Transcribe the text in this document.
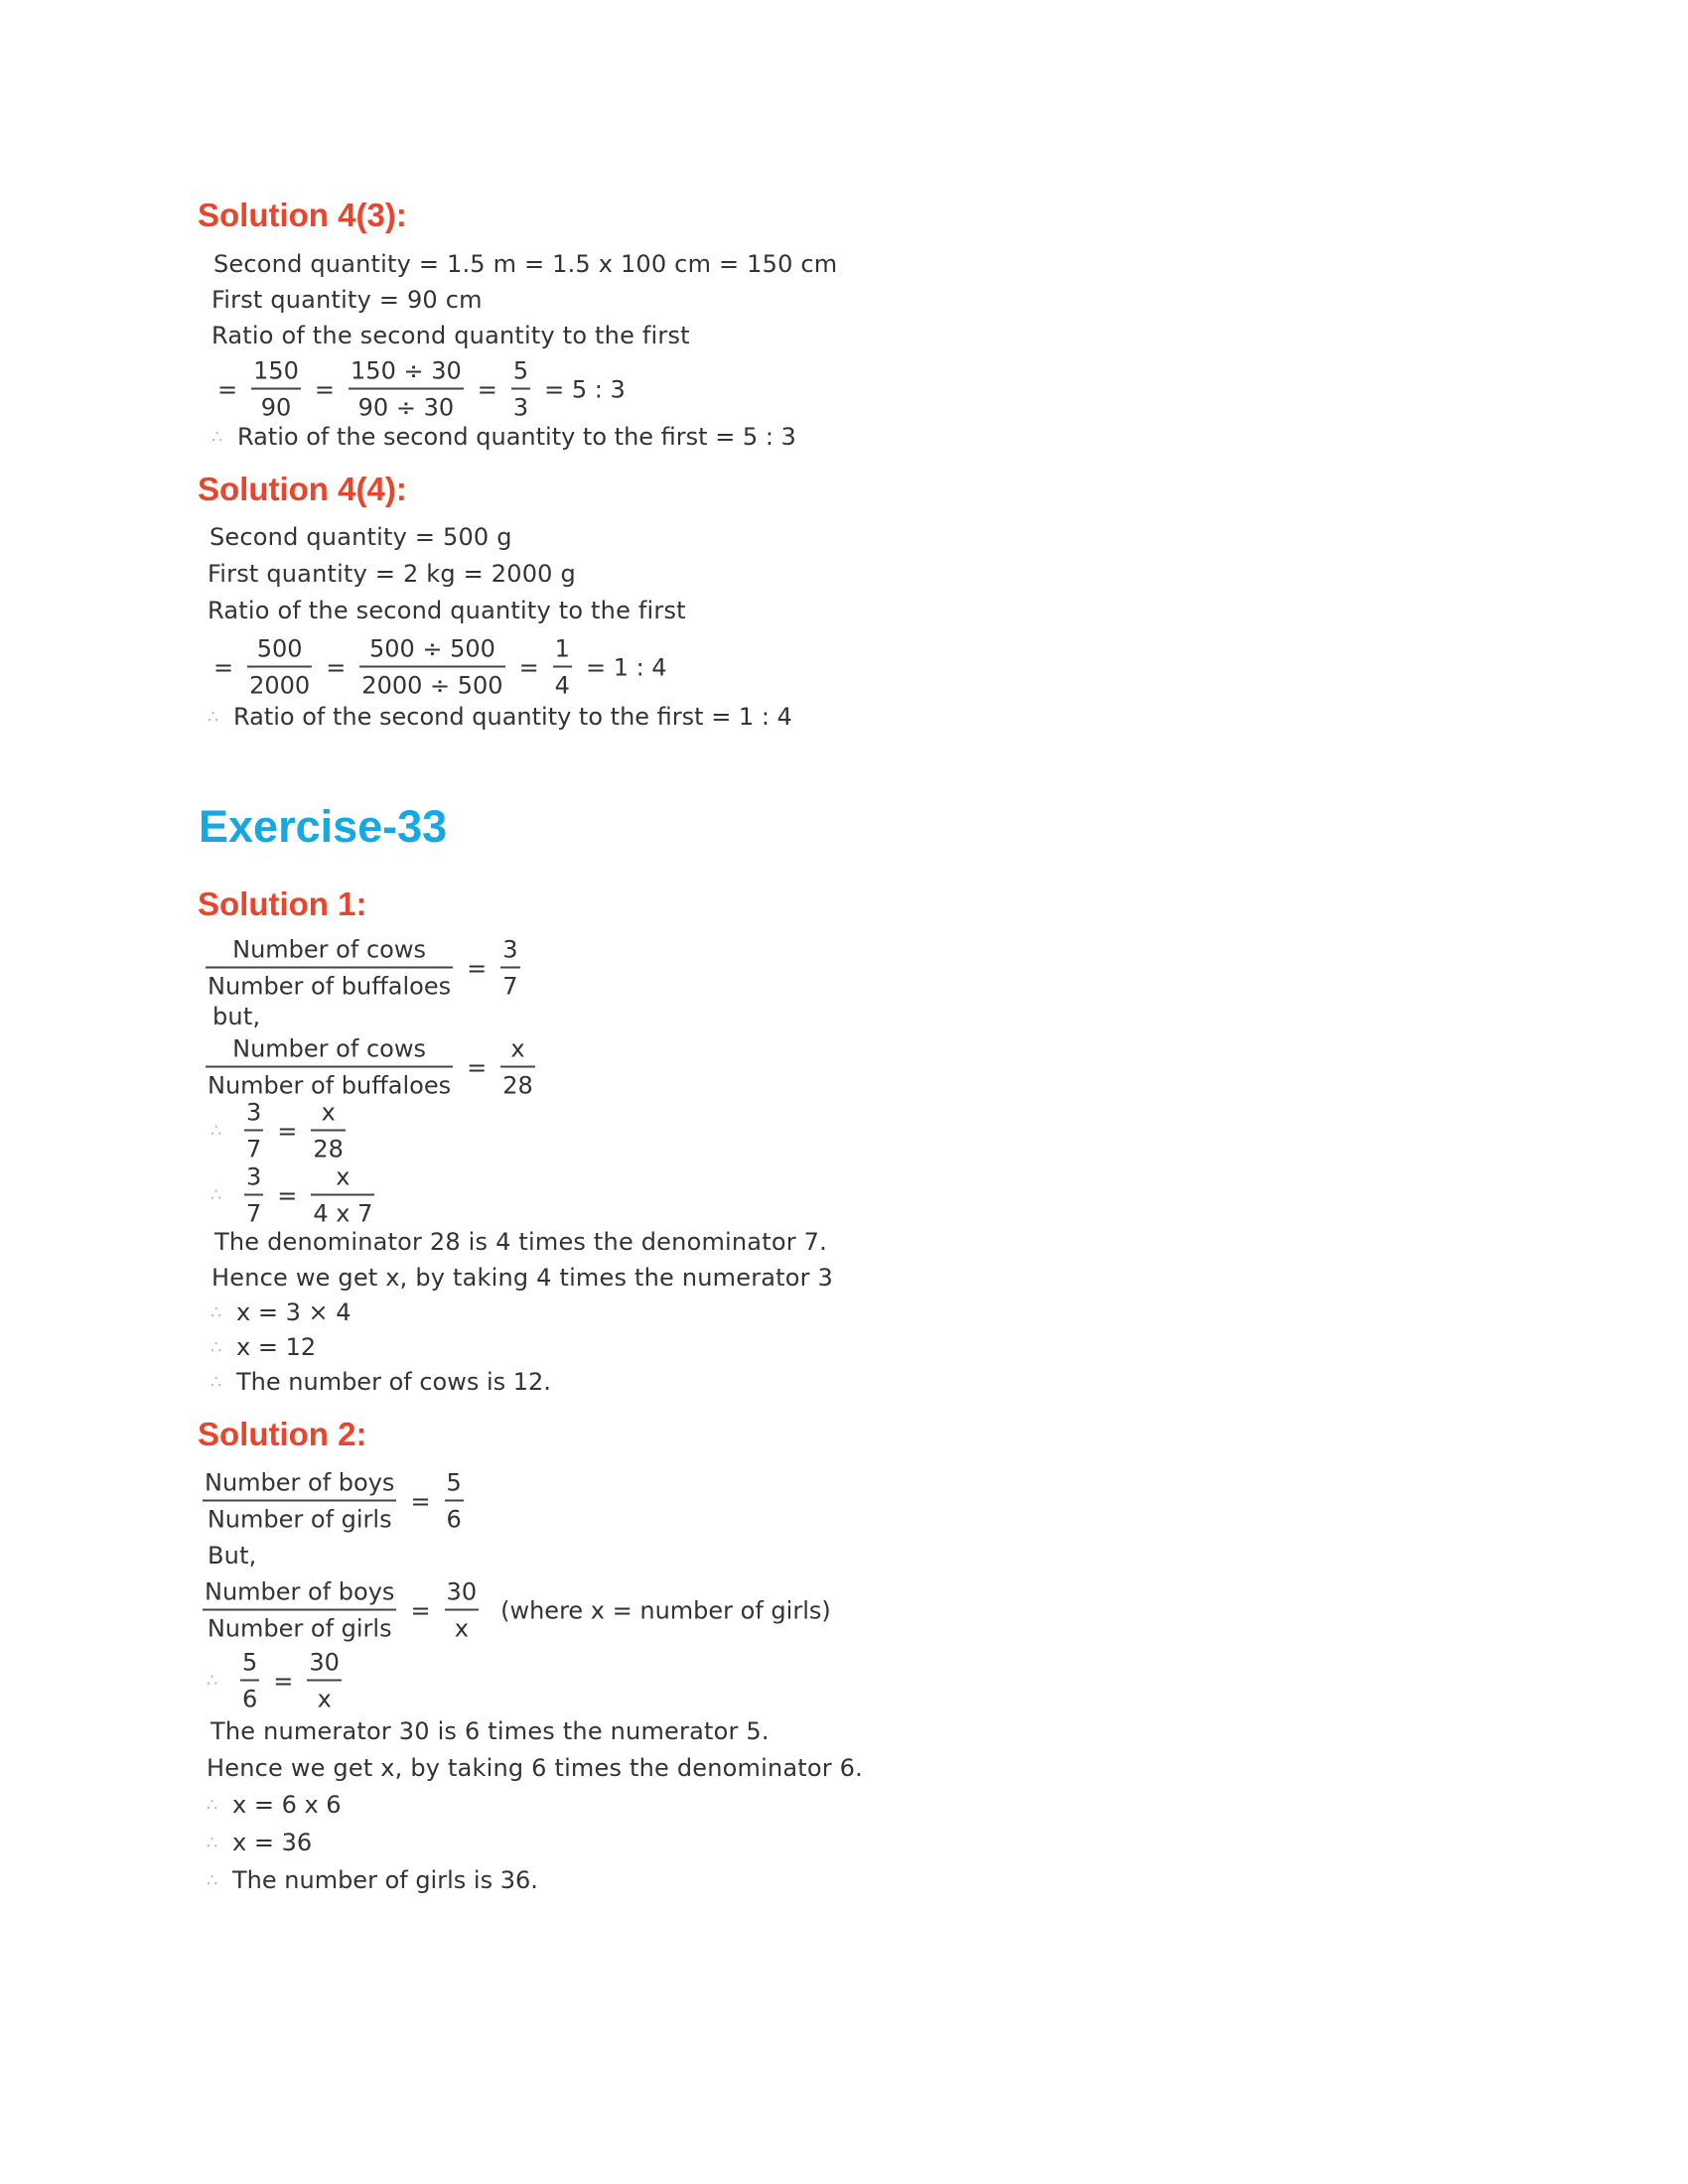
Solution 4(3):
Second quantity = 1.5 m = 1.5 x 100 cm = 150 cm
First quantity = 90 cm
Ratio of the second quantity to the first
= $\frac{150}{90} = \frac{150 \div 30}{90 \div 30} = \frac{5}{3} = 5$ : 3
∴ Ratio of the second quantity to the first = 5 : 3
Solution 4(4):
Second quantity = 500 g
First quantity = 2 kg = 2000 g
Ratio of the second quantity to the first
= $\frac{500}{2000} = \frac{500 \div 500}{2000 \div 500} = \frac{1}{4} = 1$ : 4
∴ Ratio of the second quantity to the first = 1 : 4
Exercise-33
Solution 1:
$\frac{\text{Number of cows}}{\text{Number of buffaloes}} = \frac{3}{7}$
but,
$\frac{\text{Number of cows}}{\text{Number of buffaloes}} = \frac{x}{28}$
∴ $\frac{3}{7} = \frac{x}{28}$
∴ $\frac{3}{7} = \frac{x}{4 x 7}$
The denominator 28 is 4 times the denominator 7.
Hence we get x, by taking 4 times the numerator 3
∴ x = 3 × 4
∴ x = 12
∴ The number of cows is 12.
Solution 2:
$\frac{\text{Number of boys}}{\text{Number of girls}} = \frac{5}{6}$
But,
$\frac{\text{Number of boys}}{\text{Number of girls}} = \frac{30}{x}$ (where x = number of girls)
∴ $\frac{5}{6} = \frac{30}{x}$
The numerator 30 is 6 times the numerator 5.
Hence we get x, by taking 6 times the denominator 6.
∴ x = 6 x 6
∴ x = 36
∴ The number of girls is 36.
